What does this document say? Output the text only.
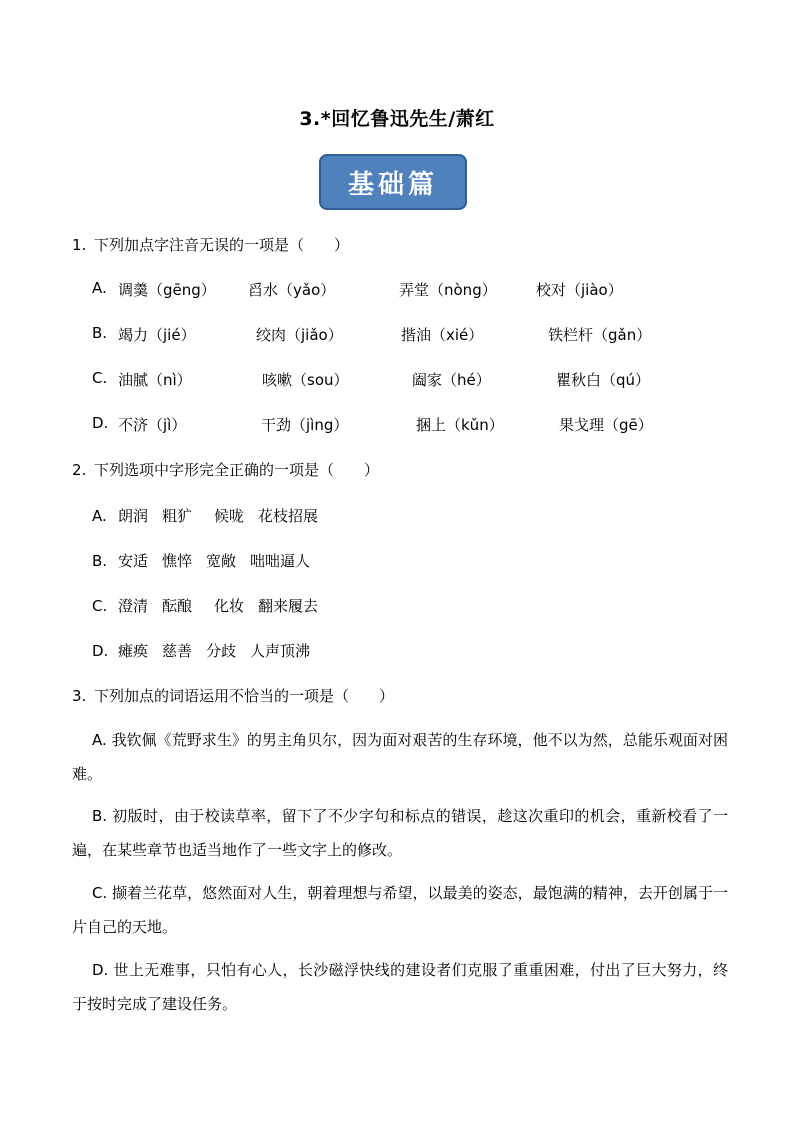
3.*回忆鲁迅先生/萧红
基础篇
1. 下列加点字注音无误的一项是（　　）
A. 调羹（gēng） 舀水（yǎo）	弄堂（nòng）	校对（jiào）
B. 竭力（jié）	绞肉（jiǎo）	揩油（xié）	铁栏杆（gǎn）
C. 油腻（nì）	咳嗽（sou）	阖家（hé）	瞿秋白（qú）
D. 不济（jì）	干劲（jìng）	捆上（kǔn）	果戈理（gē）
2. 下列选项中字形完全正确的一项是（　　）
A. 朗润 粗犷 候咙 花枝招展
B. 安适 憔悴 宽敞 咄咄逼人
C. 澄清 酝酿 化妆 翻来履去
D. 瘫痪 慈善 分歧 人声顶沸
3. 下列加点的词语运用不恰当的一项是（　　）
A. 我钦佩《荒野求生》的男主角贝尔，因为面对艰苦的生存环境，他不以为然，总能乐观面对困难。
B. 初版时，由于校读草率，留下了不少字句和标点的错误，趁这次重印的机会，重新校看了一遍，在某些章节也适当地作了一些文字上的修改。
C. 撷着兰花草，悠然面对人生，朝着理想与希望，以最美的姿态，最饱满的精神，去开创属于一片自己的天地。
D. 世上无难事，只怕有心人，长沙磁浮快线的建设者们克服了重重困难，付出了巨大努力，终于按时完成了建设任务。
